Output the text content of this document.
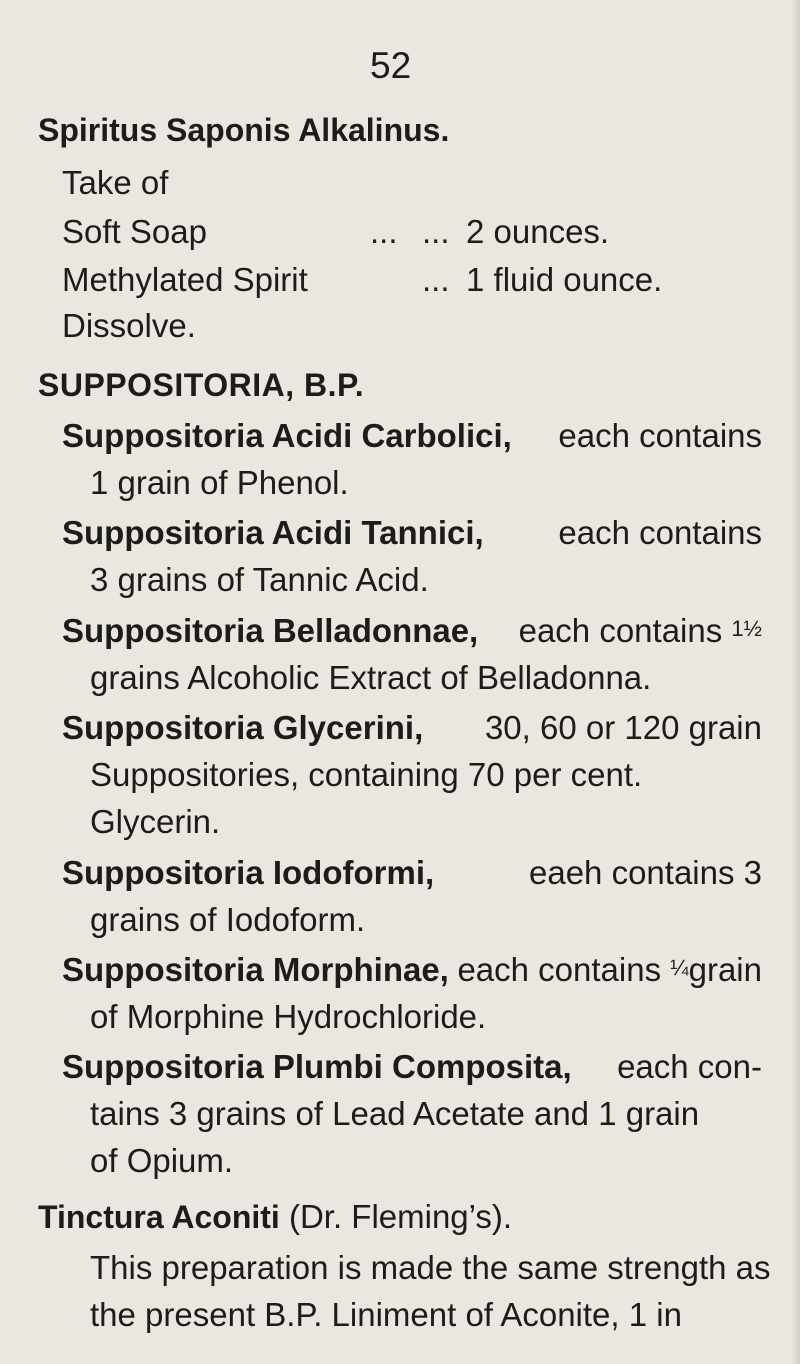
52
Spiritus Saponis Alkalinus.
Take of
Soft Soap	... ... 2 ounces.
Methylated Spirit	... 1 fluid ounce.
Dissolve.
SUPPOSITORIA, B.P.
Suppositoria Acidi Carbolici, each contains
1 grain of Phenol.
Suppositoria Acidi Tannici, each contains
3 grains of Tannic Acid.
Suppositoria Belladonnae, each contains 1½
grains Alcoholic Extract of Belladonna.
Suppositoria Glycerini, 30, 60 or 120 grain
Suppositories, containing 70 per cent.
Glycerin.
Suppositoria Iodoformi,	eaeh contains 3
grains of Iodoform.
Suppositoria Morphinae, each contains ¼grain
of Morphine Hydrochloride.
Suppositoria Plumbi Composita, each con-
tains 3 grains of Lead Acetate and 1 grain
of Opium.
Tinctura Aconiti (Dr. Fleming’s).
This preparation is made the same strength as
the present B.P. Liniment of Aconite, 1 in
